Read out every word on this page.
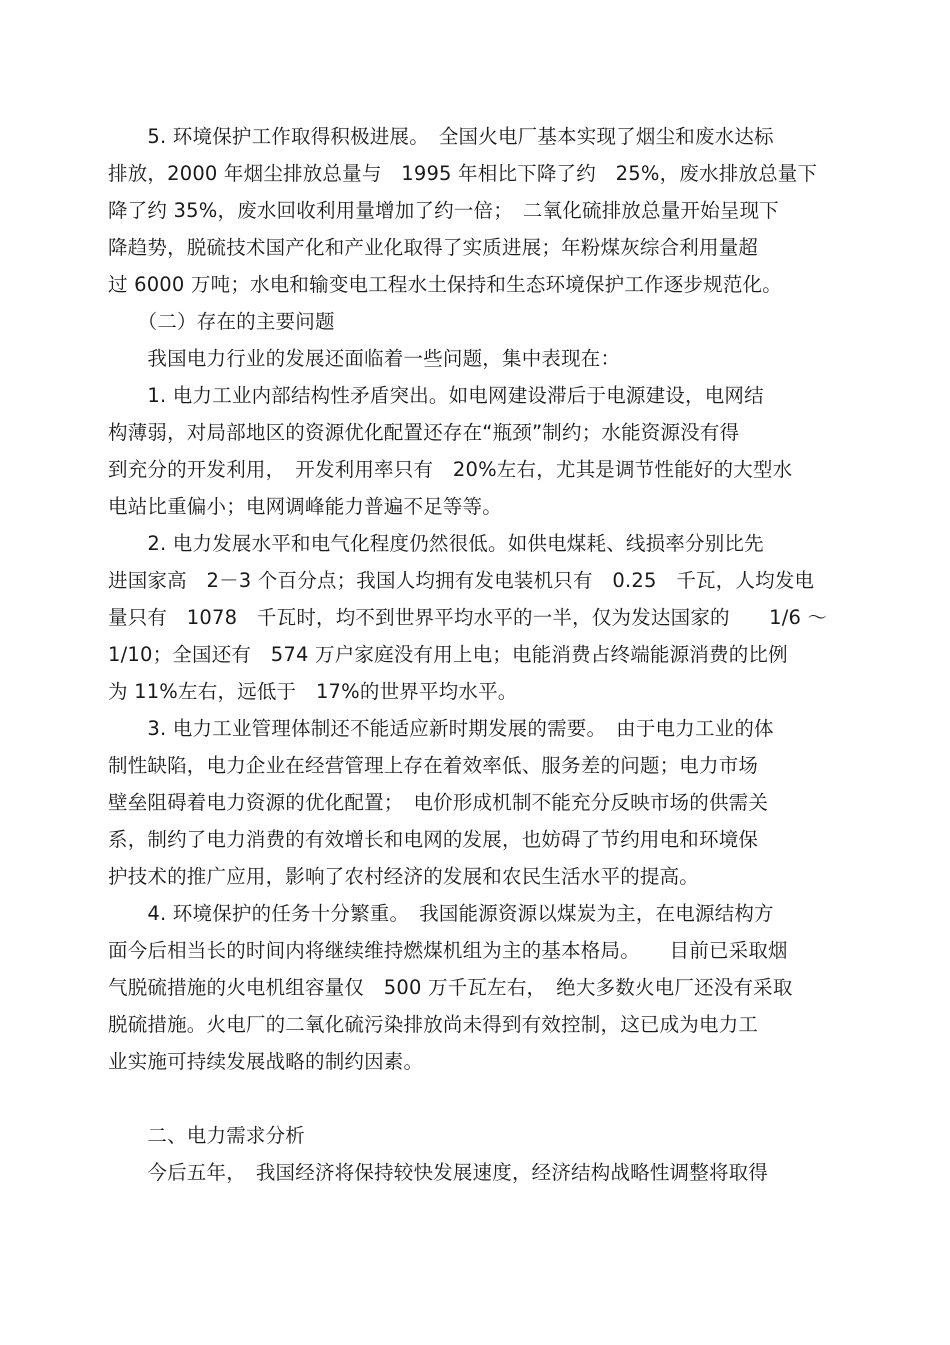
　　5. 环境保护工作取得积极进展。　全国火电厂基本实现了烟尘和废水达标
排放，2000 年烟尘排放总量与　1995 年相比下降了约　25%，废水排放总量下
降了约 35%，废水回收利用量增加了约一倍；　二氧化硫排放总量开始呈现下
降趋势，脱硫技术国产化和产业化取得了实质进展；年粉煤灰综合利用量超
过 6000 万吨；水电和输变电工程水土保持和生态环境保护工作逐步规范化。
　　（二）存在的主要问题
　　我国电力行业的发展还面临着一些问题，集中表现在：
　　1. 电力工业内部结构性矛盾突出。如电网建设滞后于电源建设，电网结
构薄弱，对局部地区的资源优化配置还存在“瓶颈”制约；水能资源没有得
到充分的开发利用，　开发利用率只有　20%左右，尤其是调节性能好的大型水
电站比重偏小；电网调峰能力普遍不足等等。
　　2. 电力发展水平和电气化程度仍然很低。如供电煤耗、线损率分别比先
进国家高　2－3 个百分点；我国人均拥有发电装机只有　0.25　千瓦，人均发电
量只有　1078　千瓦时，均不到世界平均水平的一半，仅为发达国家的　　1/6 ～
1/10；全国还有　574 万户家庭没有用上电；电能消费占终端能源消费的比例
为 11%左右，远低于　17%的世界平均水平。
　　3. 电力工业管理体制还不能适应新时期发展的需要。　由于电力工业的体
制性缺陷，电力企业在经营管理上存在着效率低、服务差的问题；电力市场
壁垒阻碍着电力资源的优化配置；　电价形成机制不能充分反映市场的供需关
系，制约了电力消费的有效增长和电网的发展，也妨碍了节约用电和环境保
护技术的推广应用，影响了农村经济的发展和农民生活水平的提高。
　　4. 环境保护的任务十分繁重。　我国能源资源以煤炭为主，在电源结构方
面今后相当长的时间内将继续维持燃煤机组为主的基本格局。　　目前已采取烟
气脱硫措施的火电机组容量仅　500 万千瓦左右，　绝大多数火电厂还没有采取
脱硫措施。火电厂的二氧化硫污染排放尚未得到有效控制，这已成为电力工
业实施可持续发展战略的制约因素。
　　二、电力需求分析
　　今后五年，　我国经济将保持较快发展速度，经济结构战略性调整将取得
